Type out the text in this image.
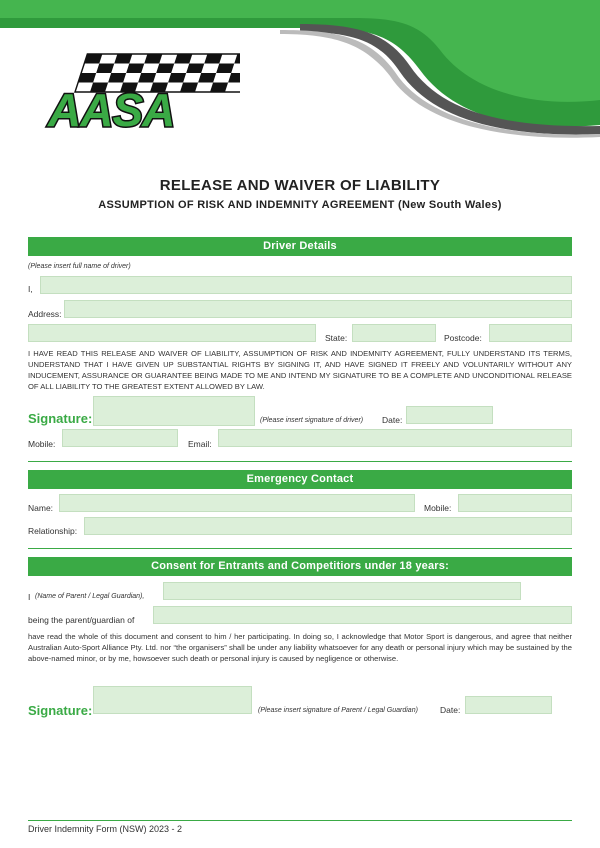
AASA
RELEASE AND WAIVER OF LIABILITY
ASSUMPTION OF RISK AND INDEMNITY AGREEMENT (New South Wales)
Driver Details
(Please insert full name of driver)
I,
Address:
State:	Postcode:
I HAVE READ THIS RELEASE AND WAIVER OF LIABILITY, ASSUMPTION OF RISK AND INDEMNITY AGREEMENT, FULLY UNDERSTAND ITS TERMS, UNDERSTAND THAT I HAVE GIVEN UP SUBSTANTIAL RIGHTS BY SIGNING IT, AND HAVE SIGNED IT FREELY AND VOLUNTARILY WITHOUT ANY INDUCEMENT, ASSURANCE OR GUARANTEE BEING MADE TO ME AND INTEND MY SIGNATURE TO BE A COMPLETE AND UNCONDITIONAL RELEASE OF ALL LIABILITY TO THE GREATEST EXTENT ALLOWED BY LAW.
Signature:	(Please insert signature of driver) Date:
Mobile:	Email:
Emergency Contact
Name:	Mobile:
Relationship:
Consent for Entrants and Competitiors under 18 years:
I (Name of Parent / Legal Guardian),
being the parent/guardian of
have read the whole of this document and consent to him / her participating. In doing so, I acknowledge that Motor Sport is dangerous, and agree that neither Australian Auto-Sport Alliance Pty. Ltd. nor “the organisers” shall be under any liability whatsoever for any death or personal injury which may be sustained by the above-named minor, or by me, howsoever such death or personal injury is caused by negligence or otherwise.
Signature:	(Please insert signature of Parent / Legal Guardian)	Date:
Driver Indemnity Form (NSW) 2023 - 2
